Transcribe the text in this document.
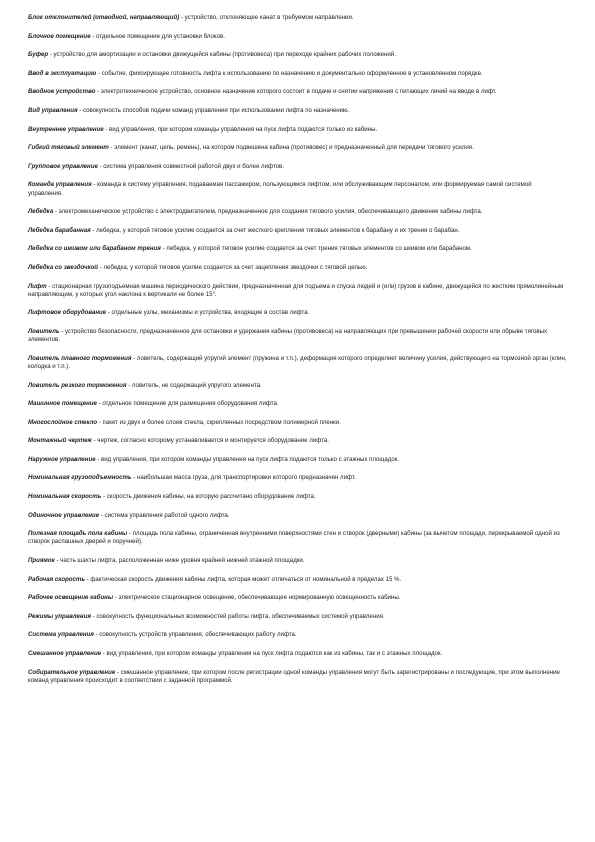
Блок отклонителей (отводной, направляющий) - устройство, отклоняющее канат в требуемом направлении.

Блочное помещение - отдельное помещение для установки блоков.

Буфер - устройство для амортизации и остановки движущейся кабины (противовеса) при переходе крайних рабочих положений.

Ввод в эксплуатацию - событие, фиксирующее готовность лифта к использованию по назначению и документально оформленное в установленном порядке.

Вводное устройство - электротехническое устройство, основное назначение которого состоит в подаче и снятии напряжения с питающих линий на вводе в лифт.

Вид управления - совокупность способов подачи команд управления при использовании лифта по назначению.

Внутреннее управление - вид управления, при котором команды управления на пуск лифта подаются только из кабины.

Гибкий тяговый элемент - элемент (канат, цепь, ремень), на котором подвешена кабина (противовес) и предназначенный для передачи тягового усилия.

Групповое управление - система управления совместной работой двух и более лифтов.

Команда управления - команда в систему управления, подаваемая пассажиром, пользующимся лифтом, или обслуживающим персоналом, или формируемая самой системой управления.

Лебедка - электромеханическое устройство с электродвигателем, предназначенное для создания тягового усилия, обеспечивающего движение кабины лифта.

Лебедка барабанная - лебедка, у которой тяговое усилие создается за счет жесткого крепления тяговых элементов к барабану и их трения о барабан.

Лебедка со шкивом или барабаном трения - лебедка, у которой тяговое усилие создается за счет трения тяговых элементов со шкивом или барабаном.

Лебедка со звездочкой - лебедка, у которой тяговое усилие создается за счет зацепления звездочки с тяговой цепью.

Лифт - стационарная грузоподъемная машина периодического действия, предназначенная для подъема и спуска людей и (или) грузов в кабине, движущейся по жестким прямолинейным направляющим, у которых угол наклона к вертикали не более 15°.

Лифтовое оборудование - отдельные узлы, механизмы и устройства, входящие в состав лифта.

Ловитель - устройство безопасности, предназначенное для остановки и удержания кабины (противовеса) на направляющих при превышении рабочей скорости или обрыве тяговых элементов.

Ловитель плавного торможения - ловитель, содержащий упругий элемент (пружина и т.п.), деформация которого определяет величину усилия, действующего на тормозной орган (клин, колодка и т.п.).

Ловитель резкого торможения - ловитель, не содержащий упругого элемента.

Машинное помещение - отдельное помещение для размещения оборудования лифта.

Многослойное стекло - пакет из двух и более слоев стекла, скрепленных посредством полимерной пленки.

Монтажный чертеж - чертеж, согласно которому устанавливается и монтируется оборудование лифта.

Наружное управление - вид управления, при котором команды управления на пуск лифта подаются только с этажных площадок.

Номинальная грузоподъемность - наибольшая масса груза, для транспортировки которого предназначен лифт.

Номинальная скорость - скорость движения кабины, на которую рассчитано оборудование лифта.

Одиночное управление - система управления работой одного лифта.

Полезная площадь пола кабины - площадь пола кабины, ограниченная внутренними поверхностями стен и створок (дверными) кабины (за вычетом площади, перекрываемой одной из створок распашных дверей и поручней).

Приямок - часть шахты лифта, расположенная ниже уровня крайней нижней этажной площадки.

Рабочая скорость - фактическая скорость движения кабины лифта, которая может отличаться от номинальной в пределах 15 %.

Рабочее освещение кабины - электрическое стационарное освещение, обеспечивающее нормированную освещенность кабины.

Режимы управления - совокупность функциональных возможностей работы лифта, обеспечиваемых системой управления.

Система управления - совокупность устройств управления, обеспечивающих работу лифта.

Смешанное управление - вид управления, при котором команды управления на пуск лифта подаются как из кабины, так и с этажных площадок.

Собирательное управление - смешанное управление, при котором после регистрации одной команды управления могут быть зарегистрированы и последующие, при этом выполнение команд управления происходит в соответствии с заданной программой.
